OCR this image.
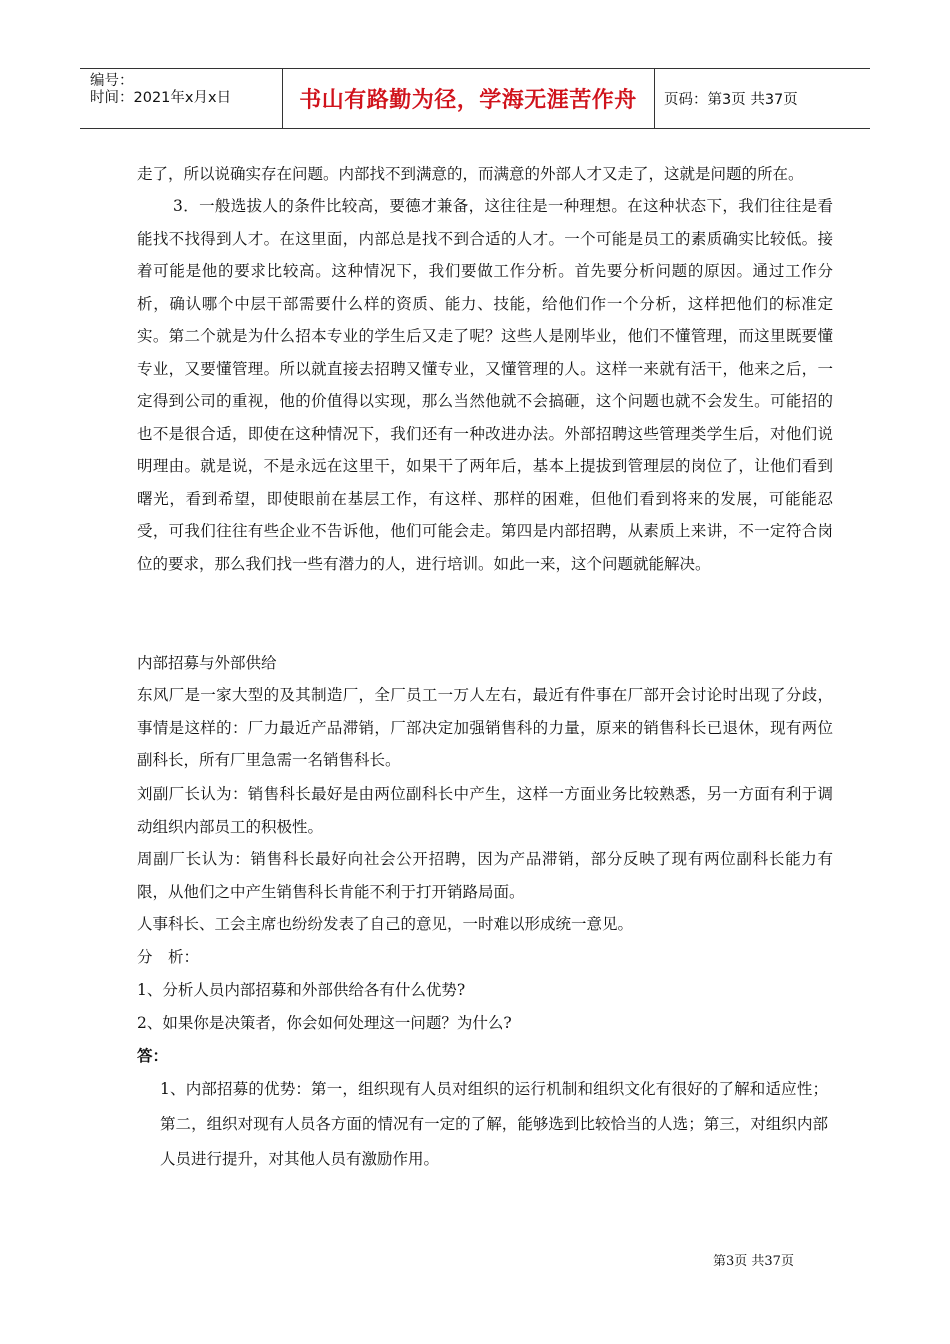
编号：
时间：2021年x月x日	书山有路勤为径，学海无涯苦作舟 页码：第3页 共37页

走了，所以说确实存在问题。内部找不到满意的，而满意的外部人才又走了，这就是问题的所在。

3．一般选拔人的条件比较高，要德才兼备，这往往是一种理想。在这种状态下，我们往往是看能找不找得到人才。在这里面，内部总是找不到合适的人才。一个可能是员工的素质确实比较低。接着可能是他的要求比较高。这种情况下，我们要做工作分析。首先要分析问题的原因。通过工作分析，确认哪个中层干部需要什么样的资质、能力、技能，给他们作一个分析，这样把他们的标准定实。第二个就是为什么招本专业的学生后又走了呢？这些人是刚毕业，他们不懂管理，而这里既要懂专业，又要懂管理。所以就直接去招聘又懂专业，又懂管理的人。这样一来就有活干，他来之后，一定得到公司的重视，他的价值得以实现，那么当然他就不会搞砸，这个问题也就不会发生。可能招的也不是很合适，即使在这种情况下，我们还有一种改进办法。外部招聘这些管理类学生后，对他们说明理由。就是说，不是永远在这里干，如果干了两年后，基本上提拔到管理层的岗位了，让他们看到曙光，看到希望，即使眼前在基层工作，有这样、那样的困难，但他们看到将来的发展，可能能忍受，可我们往往有些企业不告诉他，他们可能会走。第四是内部招聘，从素质上来讲，不一定符合岗位的要求，那么我们找一些有潜力的人，进行培训。如此一来，这个问题就能解决。

内部招募与外部供给

东风厂是一家大型的及其制造厂，全厂员工一万人左右，最近有件事在厂部开会讨论时出现了分歧，事情是这样的：厂力最近产品滞销，厂部决定加强销售科的力量，原来的销售科长已退休，现有两位副科长，所有厂里急需一名销售科长。

刘副厂长认为：销售科长最好是由两位副科长中产生，这样一方面业务比较熟悉，另一方面有利于调动组织内部员工的积极性。

周副厂长认为：销售科长最好向社会公开招聘，因为产品滞销，部分反映了现有两位副科长能力有限，从他们之中产生销售科长肯能不利于打开销路局面。

人事科长、工会主席也纷纷发表了自己的意见，一时难以形成统一意见。

分　析：

1、分析人员内部招募和外部供给各有什么优势?

2、如果你是决策者，你会如何处理这一问题？为什么?

答：

1、内部招募的优势：第一，组织现有人员对组织的运行机制和组织文化有很好的了解和适应性；第二，组织对现有人员各方面的情况有一定的了解，能够选到比较恰当的人选；第三，对组织内部人员进行提升，对其他人员有激励作用。

第3页 共37页
